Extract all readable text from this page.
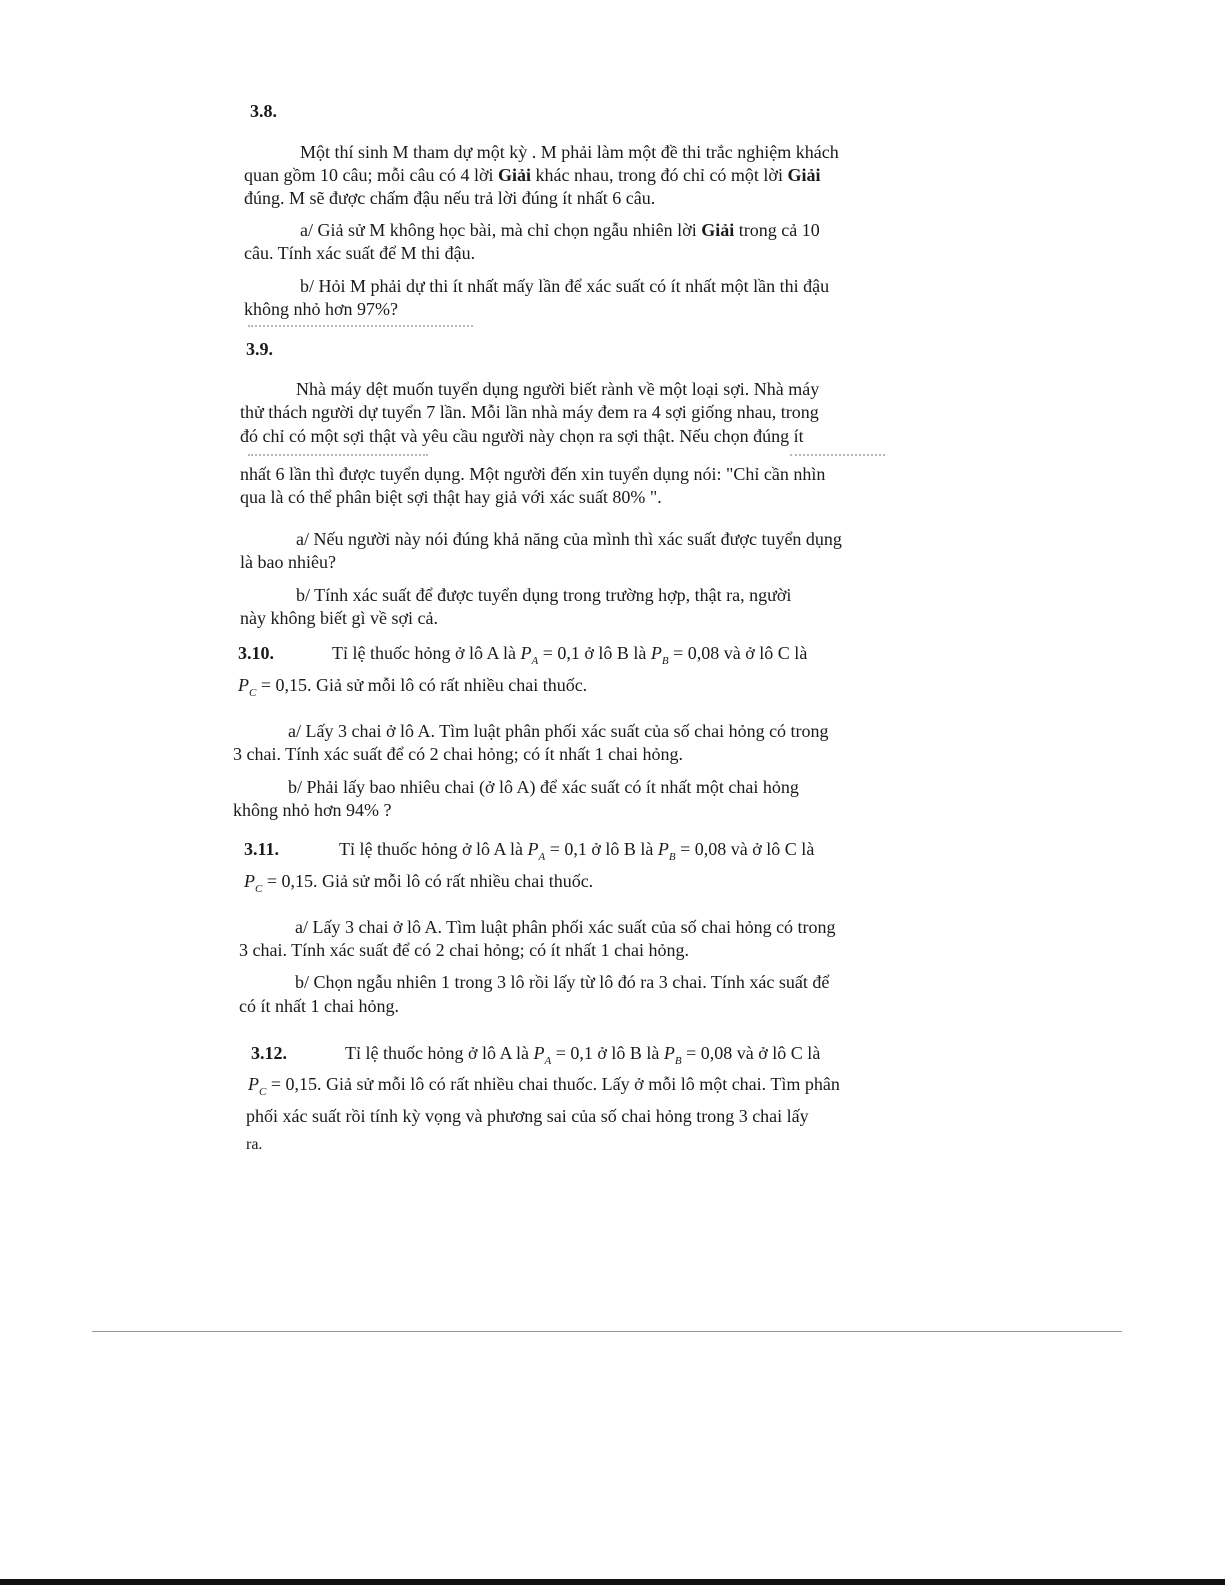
3.8.
Một thí sinh M tham dự một kỳ . M phải làm một đề thi trắc nghiệm khách
quan gồm 10 câu; mỗi câu có 4 lời Giải khác nhau, trong đó chỉ có một lời Giải
đúng. M sẽ được chấm đậu nếu trả lời đúng ít nhất 6 câu.
a/ Giả sử M không học bài, mà chỉ chọn ngẫu nhiên lời Giải trong cả 10
câu. Tính xác suất để M thi đậu.
b/ Hỏi M phải dự thi ít nhất mấy lần để xác suất có ít nhất một lần thi đậu
không nhỏ hơn 97%?
3.9.
Nhà máy dệt muốn tuyển dụng người biết rành về một loại sợi. Nhà máy
thử thách người dự tuyển 7 lần. Mỗi lần nhà máy đem ra 4 sợi giống nhau, trong
đó chỉ có một sợi thật và yêu cầu người này chọn ra sợi thật. Nếu chọn đúng ít
nhất 6 lần thì được tuyển dụng. Một người đến xin tuyển dụng nói: "Chỉ cần nhìn
qua là có thể phân biệt sợi thật hay giả với xác suất 80% ".
a/ Nếu người này nói đúng khả năng của mình thì xác suất được tuyển dụng
là bao nhiêu?
b/ Tính xác suất để được tuyển dụng trong trường hợp, thật ra, người
này không biết gì về sợi cả.
3.10.	Tỉ lệ thuốc hỏng ở lô A là $P_A = 0,1$ ở lô B là $P_B = 0,08$ và ở lô C là
$P_C = 0,15$. Giả sử mỗi lô có rất nhiều chai thuốc.
a/ Lấy 3 chai ở lô A. Tìm luật phân phối xác suất của số chai hỏng có trong
3 chai. Tính xác suất để có 2 chai hỏng; có ít nhất 1 chai hỏng.
b/ Phải lấy bao nhiêu chai (ở lô A) để xác suất có ít nhất một chai hỏng
không nhỏ hơn 94% ?
3.11.	Tỉ lệ thuốc hỏng ở lô A là $P_A = 0,1$ ở lô B là $P_B = 0,08$ và ở lô C là
$P_C = 0,15$. Giả sử mỗi lô có rất nhiều chai thuốc.
a/ Lấy 3 chai ở lô A. Tìm luật phân phối xác suất của số chai hỏng có trong
3 chai. Tính xác suất để có 2 chai hỏng; có ít nhất 1 chai hỏng.
b/ Chọn ngẫu nhiên 1 trong 3 lô rồi lấy từ lô đó ra 3 chai. Tính xác suất để
có ít nhất 1 chai hỏng.
3.12.	Tỉ lệ thuốc hỏng ở lô A là $P_A = 0,1$ ở lô B là $P_B = 0,08$ và ở lô C là
$P_C = 0,15$. Giả sử mỗi lô có rất nhiều chai thuốc. Lấy ở mỗi lô một chai. Tìm phân
phối xác suất rồi tính kỳ vọng và phương sai của số chai hỏng trong 3 chai lấy
ra.
